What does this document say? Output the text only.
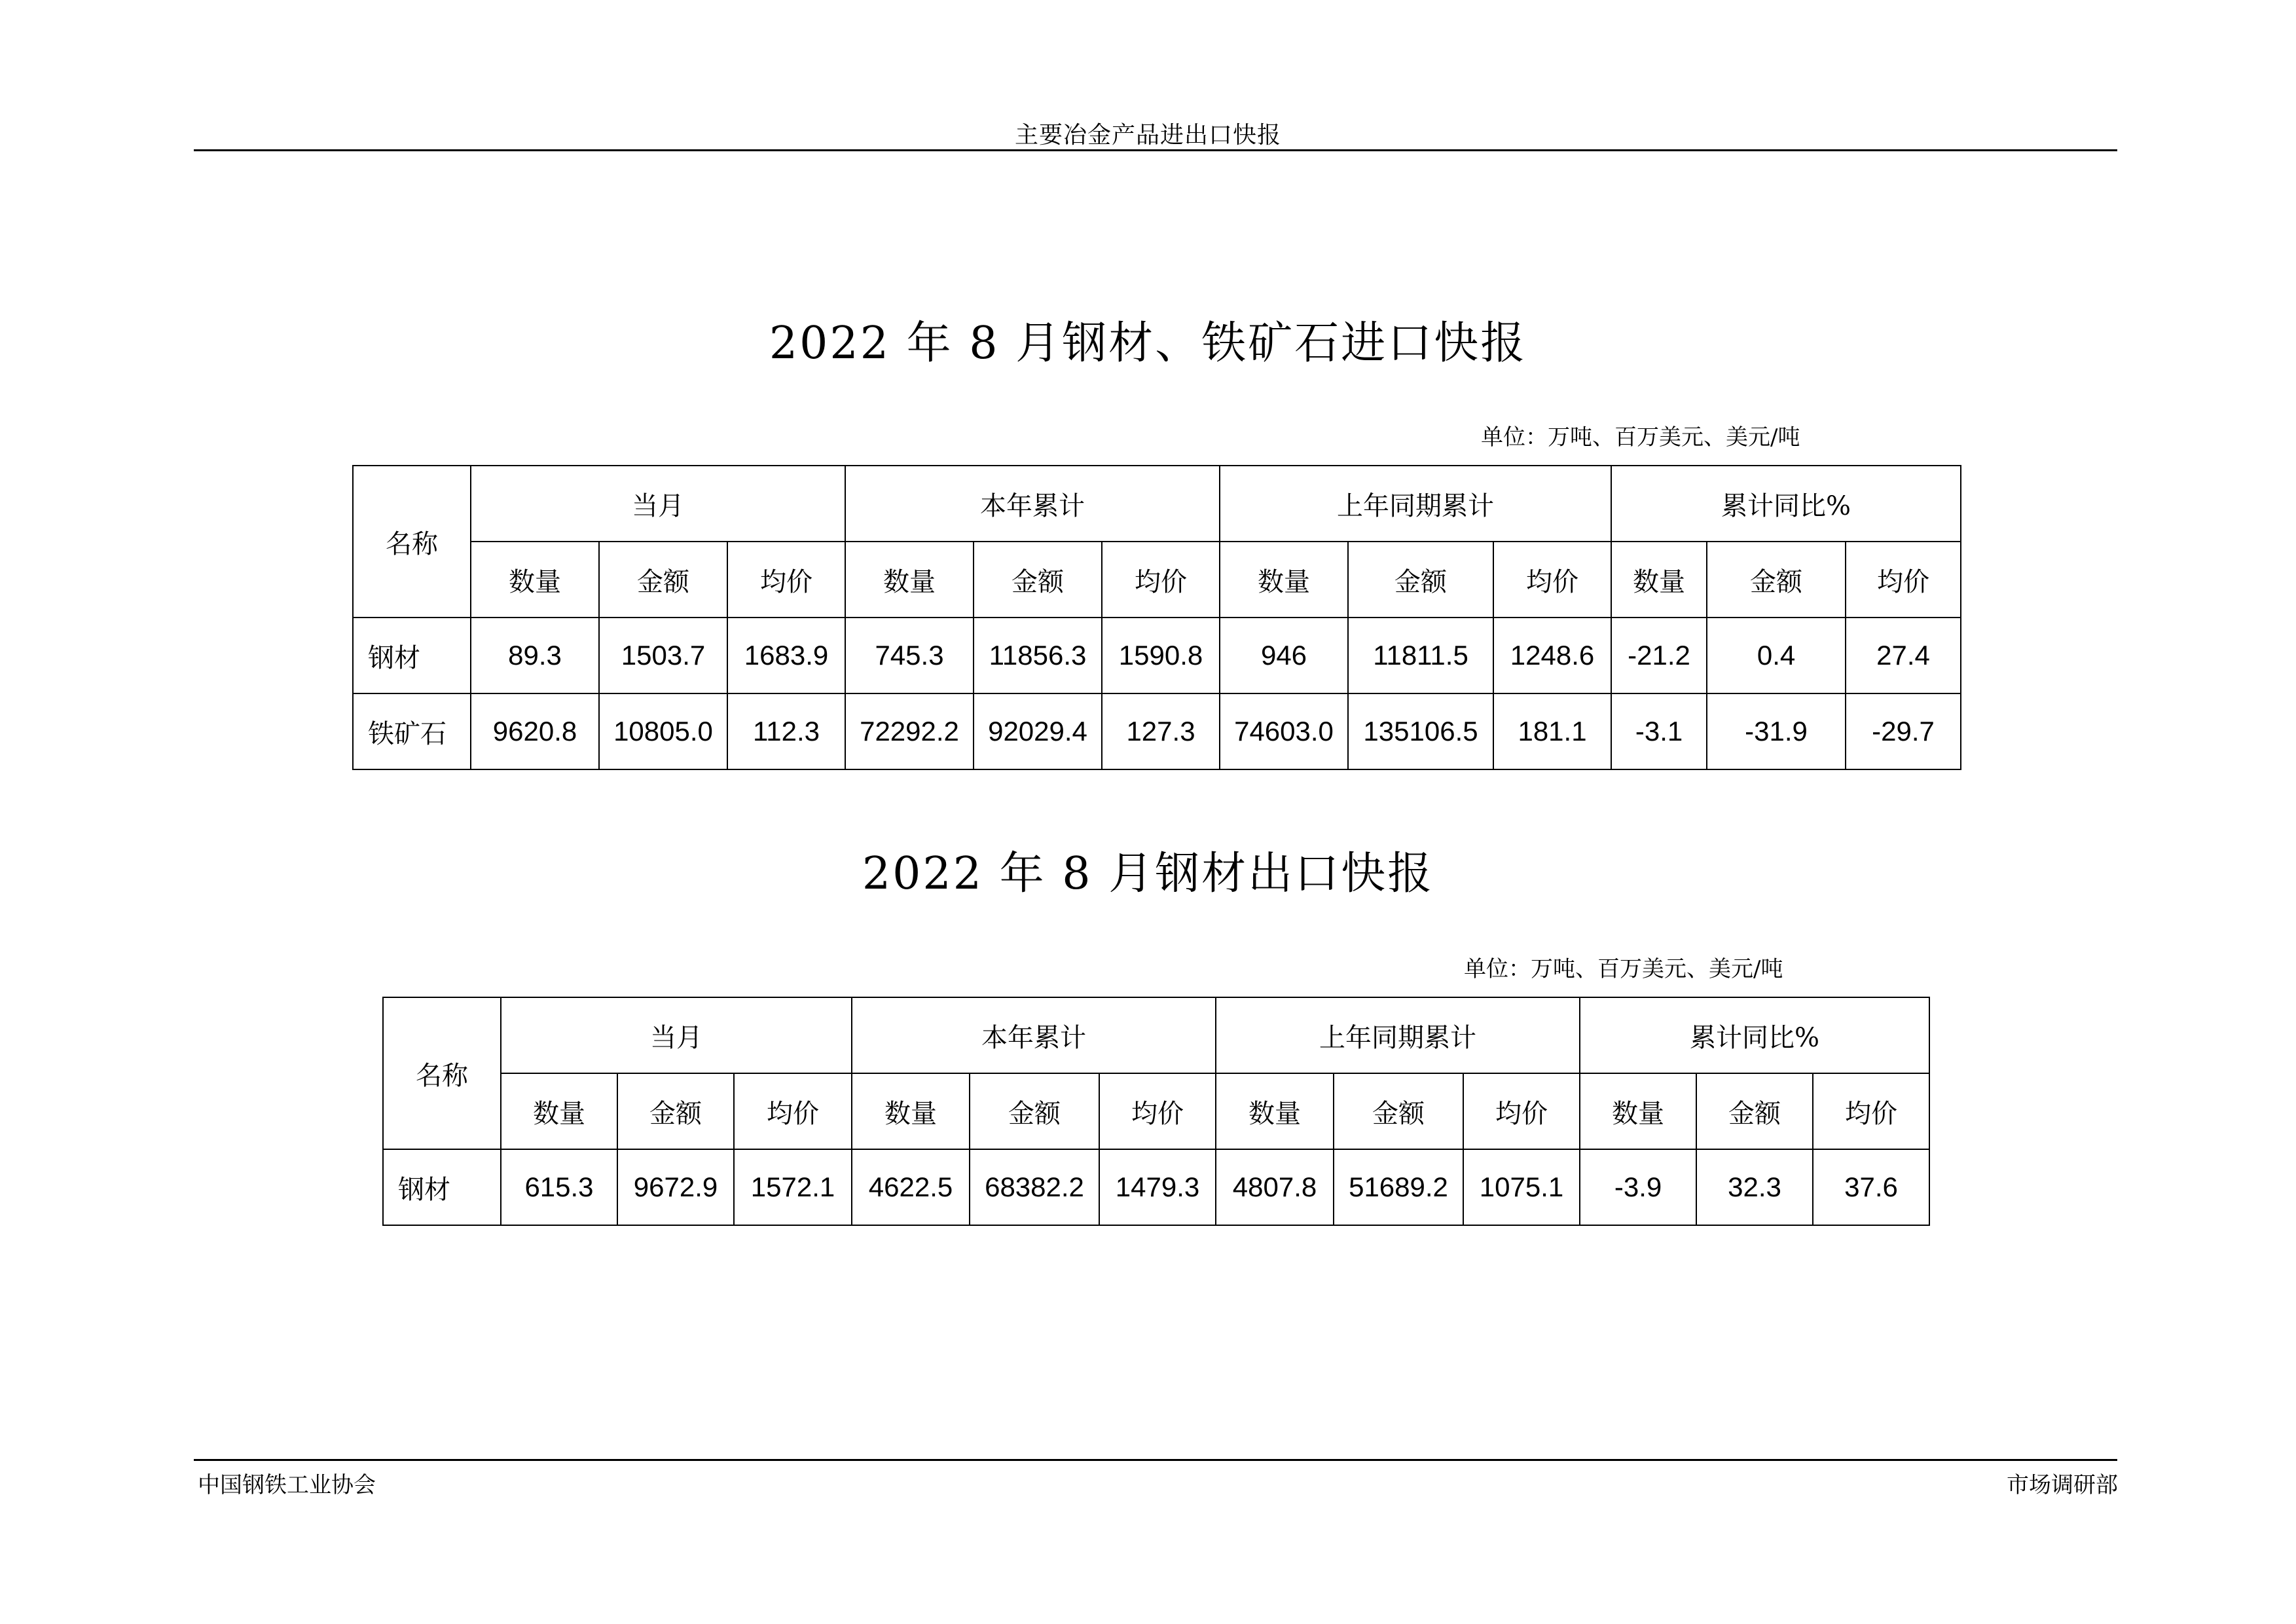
主要冶金产品进出口快报
2022 年 8 月钢材、铁矿石进口快报
单位：万吨、百万美元、美元/吨
名称	当月			本年累计			上年同期累计			累计同比%		
	数量	金额	均价	数量	金额	均价	数量	金额	均价	数量	金额	均价
钢材	89.3	1503.7	1683.9	745.3	11856.3	1590.8	946	11811.5	1248.6	-21.2	0.4	27.4
铁矿石	9620.8	10805.0	112.3	72292.2	92029.4	127.3	74603.0	135106.5	181.1	-3.1	-31.9	-29.7
2022 年 8 月钢材出口快报
单位：万吨、百万美元、美元/吨
名称	当月			本年累计			上年同期累计			累计同比%		
	数量	金额	均价	数量	金额	均价	数量	金额	均价	数量	金额	均价
钢材	615.3	9672.9	1572.1	4622.5	68382.2	1479.3	4807.8	51689.2	1075.1	-3.9	32.3	37.6
中国钢铁工业协会	市场调研部
